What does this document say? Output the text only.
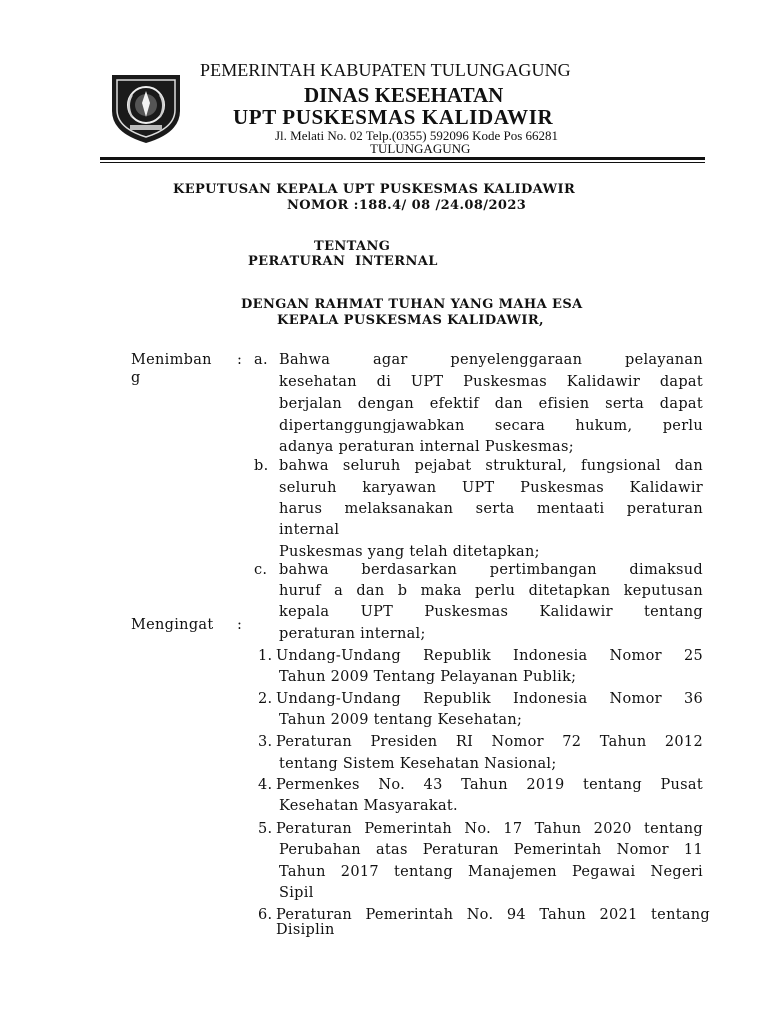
PEMERINTAH KABUPATEN TULUNGAGUNG
DINAS KESEHATAN
UPT PUSKESMAS KALIDAWIR
Jl. Melati No. 02 Telp.(0355) 592096 Kode Pos 66281
TULUNGAGUNG
KEPUTUSAN KEPALA UPT PUSKESMAS KALIDAWIR
NOMOR :188.4/ 08 /24.08/2023
TENTANG
PERATURAN  INTERNAL
DENGAN RAHMAT TUHAN YANG MAHA ESA
KEPALA PUSKESMAS KALIDAWIR,
Menimban
g
: a. Bahwa agar penyelenggaraan pelayanan
kesehatan di UPT Puskesmas Kalidawir dapat
berjalan dengan efektif dan efisien serta dapat
dipertanggungjawabkan secara hukum, perlu
adanya peraturan internal Puskesmas;
b. bahwa seluruh pejabat struktural, fungsional dan
seluruh karyawan UPT Puskesmas Kalidawir
harus melaksanakan serta mentaati peraturan
internal
Puskesmas yang telah ditetapkan;
c. bahwa berdasarkan pertimbangan dimaksud
huruf a dan b maka perlu ditetapkan keputusan
kepala UPT Puskesmas Kalidawir tentang
peraturan internal;
Mengingat :
1. Undang-Undang Republik Indonesia Nomor 25
Tahun 2009 Tentang Pelayanan Publik;
2. Undang-Undang Republik Indonesia Nomor 36
Tahun 2009 tentang Kesehatan;
3. Peraturan Presiden RI Nomor 72 Tahun 2012
tentang Sistem Kesehatan Nasional;
4. Permenkes No. 43 Tahun 2019 tentang Pusat
Kesehatan Masyarakat.
5. Peraturan Pemerintah No. 17 Tahun 2020 tentang
Perubahan atas Peraturan Pemerintah Nomor 11
Tahun 2017 tentang Manajemen Pegawai Negeri
Sipil
6. Peraturan Pemerintah No. 94 Tahun 2021 tentang
Disiplin
